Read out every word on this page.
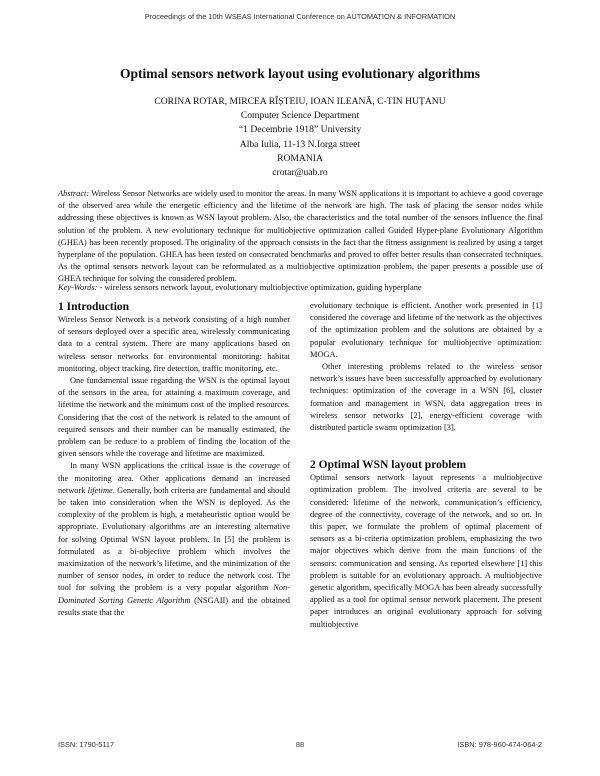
Proceedings of the 10th WSEAS International Conference on AUTOMATION & INFORMATION
Optimal sensors network layout using evolutionary algorithms
CORINA ROTAR, MIRCEA RÎȘTEIU, IOAN ILEANĂ, C-TIN HUȚANU
Computer Science Department
“1 Decembrie 1918” University
Alba Iulia, 11-13 N.Iorga street
ROMANIA
crotar@uab.ro
Abstract: Wireless Sensor Networks are widely used to monitor the areas. In many WSN applications it is important to achieve a good coverage of the observed area while the energetic efficiency and the lifetime of the network are high. The task of placing the sensor nodes while addressing these objectives is known as WSN layout problem. Also, the characteristics and the total number of the sensors influence the final solution of the problem. A new evolutionary technique for multiobjective optimization called Guided Hyper-plane Evolutionary Algorithm (GHEA) has been recently proposed. The originality of the approach consists in the fact that the fitness assignment is realized by using a target hyperplane of the population. GHEA has been tested on consecrated benchmarks and proved to offer better results than consecrated techniques. As the optimal sensors network layout can be reformulated as a multiobjective optimization problem, the paper presents a possible use of GHEA technique for solving the considered problem.
Key-Words: - wireless sensors network layout, evolutionary multiobjective optimization, guiding hyperplane
1 Introduction

Wireless Sensor Network is a network consisting of a high number of sensors deployed over a specific area, wirelessly communicating data to a central system. There are many applications based on wireless sensor networks for environmental monitoring: habitat monitoring, object tracking, fire detection, traffic monitoring, etc.

One fundamental issue regarding the WSN is the optimal layout of the sensors in the area, for attaining a maximum coverage, and lifetime the network and the minimum cost of the implied resources. Considering that the cost of the network is related to the amount of required sensors and their number can be manually estimated, the problem can be reduce to a problem of finding the location of the given sensors while the coverage and lifetime are maximized.

In many WSN applications the critical issue is the coverage of the monitoring area. Other applications demand an increased network lifetime. Generally, both criteria are fundamental and should be taken into consideration when the WSN is deployed. As the complexity of the problem is high, a metaheuristic option would be appropriate. Evolutionary algorithms are an interesting alternative for solving Optimal WSN layout problem. In [5] the problem is formulated as a bi-objective problem which involves the maximization of the network’s lifetime, and the minimization of the number of sensor nodes, in order to reduce the network cost. The tool for solving the problem is a very popular algorithm Non-Dominated Sorting Genetic Algorithm (NSGAII) and the obtained results state that the

evolutionary technique is efficient. Another work presented in [1] considered the coverage and lifetime of the network as the objectives of the optimization problem and the solutions are obtained by a popular evolutionary technique for multiobjective optimization: MOGA.

Other interesting problems related to the wireless sensor network’s issues have been successfully approached by evolutionary techniques: optimization of the coverage in a WSN [6], cluster formation and management in WSN, data aggregation trees in wireless sensor networks [2], energy-efficient coverage with distributed particle swarm optimization [3].

2 Optimal WSN layout problem

Optimal sensors network layout represents a multiobjective optimization problem. The involved criteria are several to be considered: lifetime of the network, communication’s efficiency, degree of the connectivity, coverage of the network, and so on. In this paper, we formulate the problem of optimal placement of sensors as a bi-criteria optimization problem, emphasizing the two major objectives which derive from the main functions of the sensors: communication and sensing. As reported elsewhere [1] this problem is suitable for an evolutionary approach. A multiobjective genetic algorithm, specifically MOGA has been already successfully applied as a tool for optimal sensor network placement. The present paper introduces an original evolutionary approach for solving multiobjective

ISSN: 1790-5117	88	ISBN: 978-960-474-064-2
